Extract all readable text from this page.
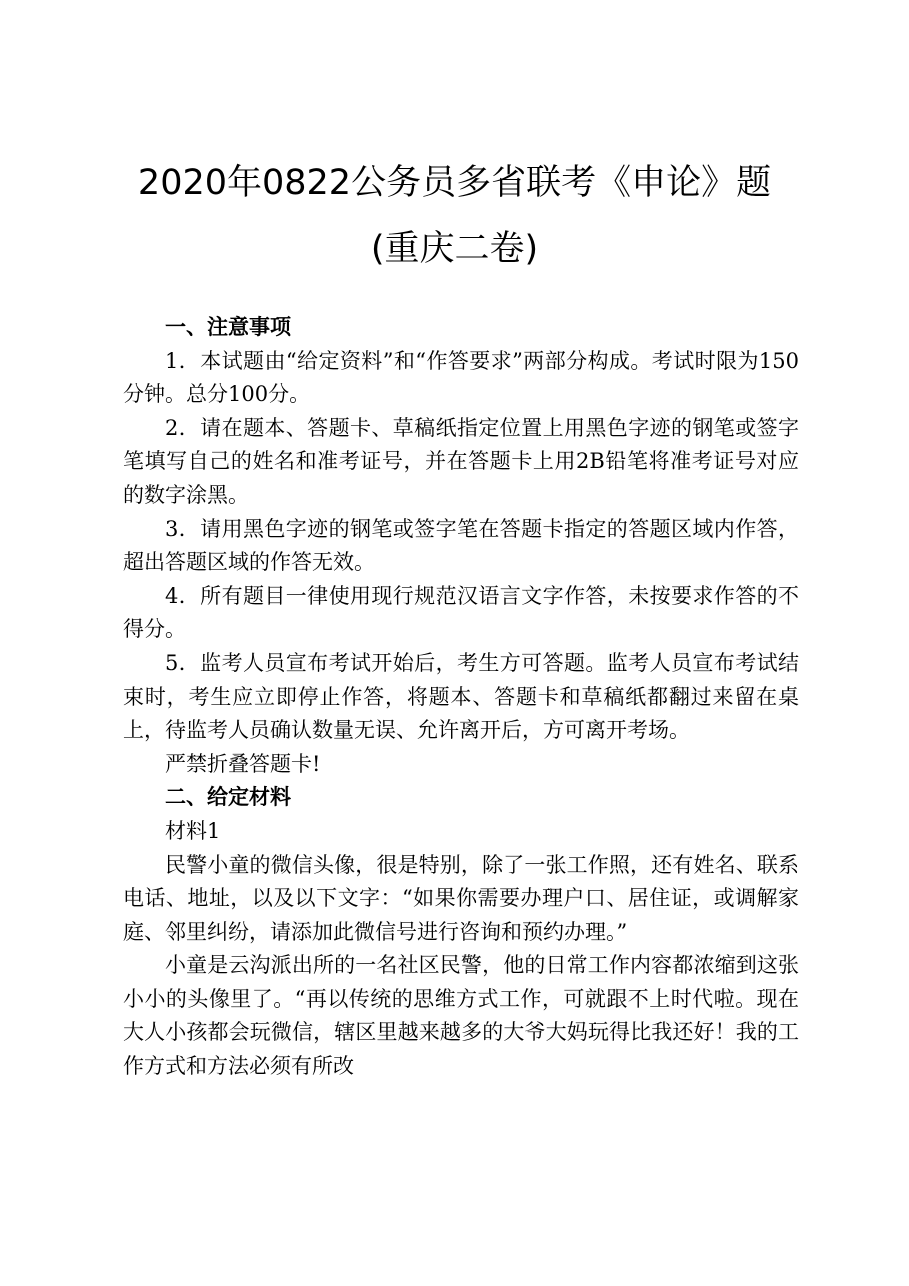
2020年0822公务员多省联考《申论》题
(重庆二卷)

一、注意事项

1．本试题由“给定资料”和“作答要求”两部分构成。考试时限为150分钟。总分100分。

2．请在题本、答题卡、草稿纸指定位置上用黑色字迹的钢笔或签字笔填写自己的姓名和准考证号，并在答题卡上用2B铅笔将准考证号对应的数字涂黑。

3．请用黑色字迹的钢笔或签字笔在答题卡指定的答题区域内作答，超出答题区域的作答无效。

4．所有题目一律使用现行规范汉语言文字作答，未按要求作答的不得分。

5．监考人员宣布考试开始后，考生方可答题。监考人员宣布考试结束时，考生应立即停止作答，将题本、答题卡和草稿纸都翻过来留在桌上，待监考人员确认数量无误、允许离开后，方可离开考场。

严禁折叠答题卡!

二、给定材料

材料1

民警小童的微信头像，很是特别，除了一张工作照，还有姓名、联系电话、地址，以及以下文字：“如果你需要办理户口、居住证，或调解家庭、邻里纠纷，请添加此微信号进行咨询和预约办理。”

小童是云沟派出所的一名社区民警，他的日常工作内容都浓缩到这张小小的头像里了。“再以传统的思维方式工作，可就跟不上时代啦。现在大人小孩都会玩微信，辖区里越来越多的大爷大妈玩得比我还好！我的工作方式和方法必须有所改
